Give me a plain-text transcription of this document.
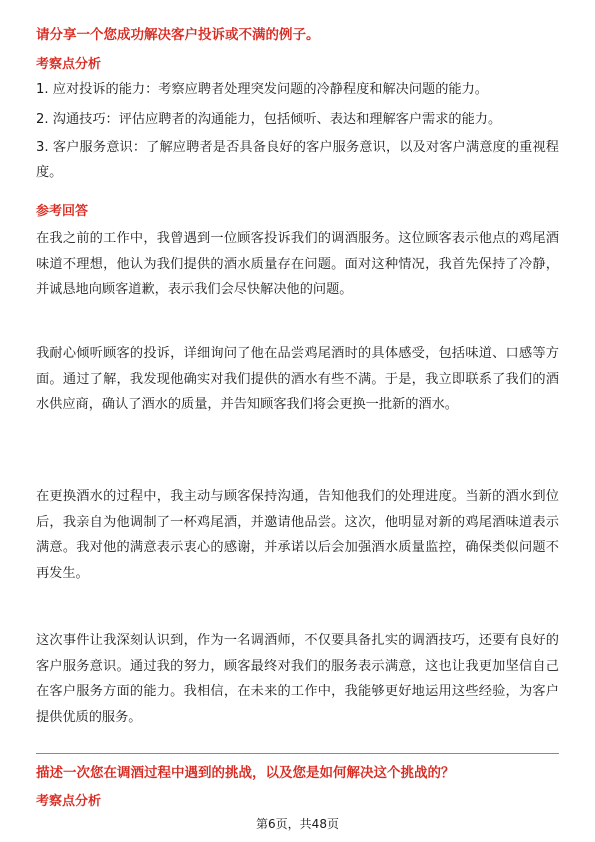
请分享一个您成功解决客户投诉或不满的例子。
考察点分析
1. 应对投诉的能力：考察应聘者处理突发问题的冷静程度和解决问题的能力。
2. 沟通技巧：评估应聘者的沟通能力，包括倾听、表达和理解客户需求的能力。
3. 客户服务意识：了解应聘者是否具备良好的客户服务意识，以及对客户满意度的重视程度。
参考回答
在我之前的工作中，我曾遇到一位顾客投诉我们的调酒服务。这位顾客表示他点的鸡尾酒味道不理想，他认为我们提供的酒水质量存在问题。面对这种情况，我首先保持了冷静，并诚恳地向顾客道歉，表示我们会尽快解决他的问题。
我耐心倾听顾客的投诉，详细询问了他在品尝鸡尾酒时的具体感受，包括味道、口感等方面。通过了解，我发现他确实对我们提供的酒水有些不满。于是，我立即联系了我们的酒水供应商，确认了酒水的质量，并告知顾客我们将会更换一批新的酒水。
在更换酒水的过程中，我主动与顾客保持沟通，告知他我们的处理进度。当新的酒水到位后，我亲自为他调制了一杯鸡尾酒，并邀请他品尝。这次，他明显对新的鸡尾酒味道表示满意。我对他的满意表示衷心的感谢，并承诺以后会加强酒水质量监控，确保类似问题不再发生。
这次事件让我深刻认识到，作为一名调酒师，不仅要具备扎实的调酒技巧，还要有良好的客户服务意识。通过我的努力，顾客最终对我们的服务表示满意，这也让我更加坚信自己在客户服务方面的能力。我相信，在未来的工作中，我能够更好地运用这些经验，为客户提供优质的服务。
描述一次您在调酒过程中遇到的挑战，以及您是如何解决这个挑战的？
考察点分析
第6页，共48页
